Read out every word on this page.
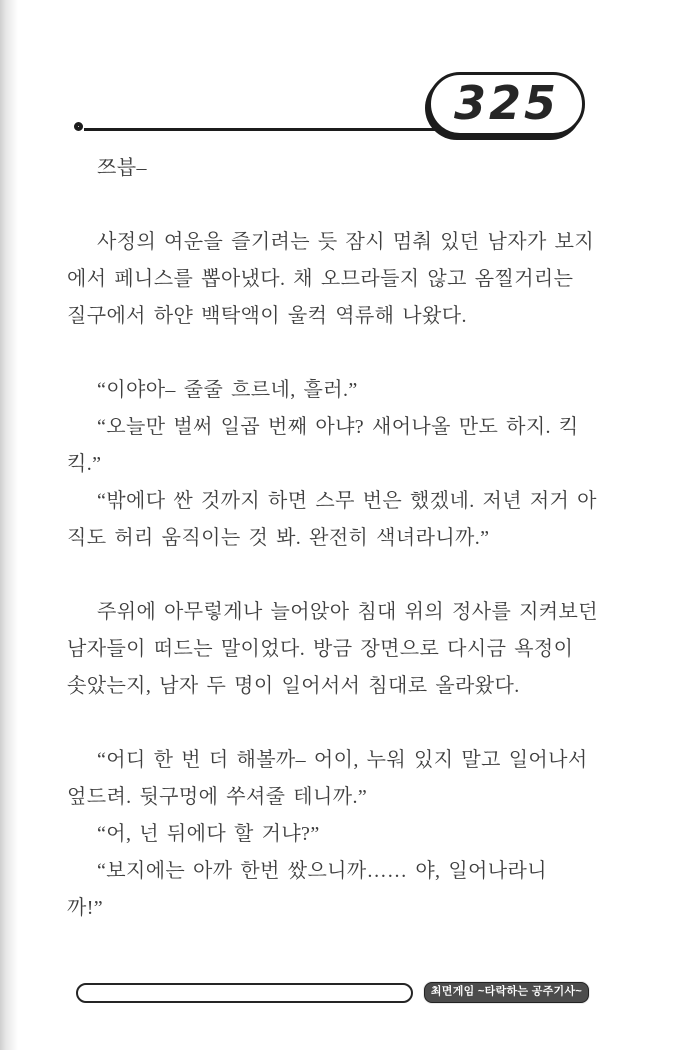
325
쯔븝–
사정의 여운을 즐기려는 듯 잠시 멈춰 있던 남자가 보지
에서 페니스를 뽑아냈다. 채 오므라들지 않고 옴찔거리는
질구에서 하얀 백탁액이 울컥 역류해 나왔다.
“이야아– 줄줄 흐르네, 흘러.”
“오늘만 벌써 일곱 번째 아냐? 새어나올 만도 하지. 킥
킥.”
“밖에다 싼 것까지 하면 스무 번은 했겠네. 저년 저거 아
직도 허리 움직이는 것 봐. 완전히 색녀라니까.”
주위에 아무렇게나 늘어앉아 침대 위의 정사를 지켜보던
남자들이 떠드는 말이었다. 방금 장면으로 다시금 욕정이
솟았는지, 남자 두 명이 일어서서 침대로 올라왔다.
“어디 한 번 더 해볼까– 어이, 누워 있지 말고 일어나서
엎드려. 뒷구멍에 쑤셔줄 테니까.”
“어, 넌 뒤에다 할 거냐?”
“보지에는 아까 한번 쌌으니까…… 야, 일어나라니
까!”
최면게임 ~타락하는 공주기사~
